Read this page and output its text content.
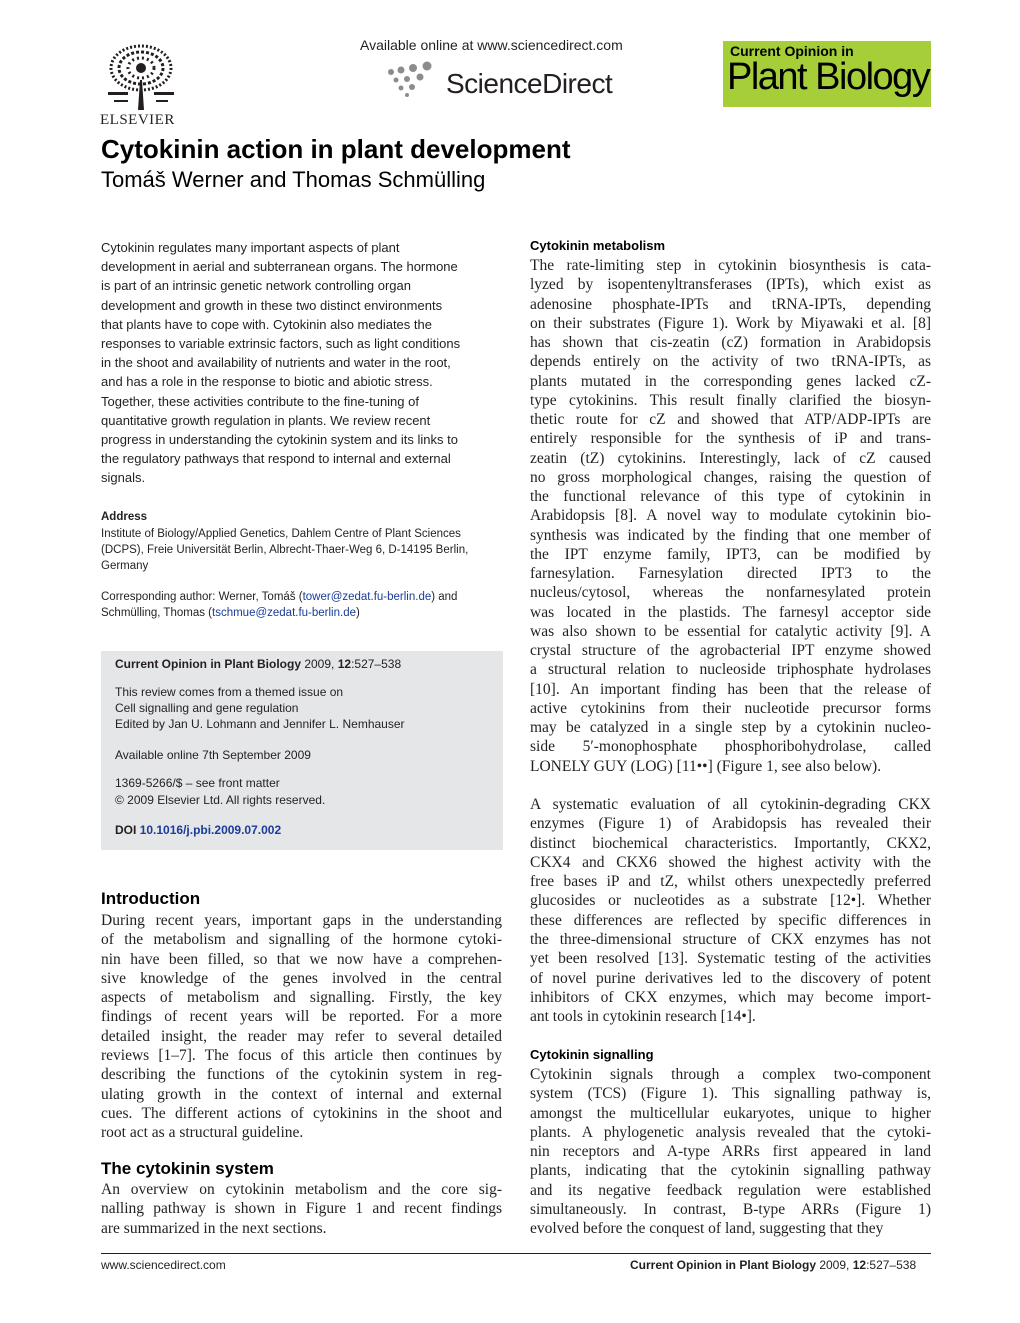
ELSEVIER
Available online at www.sciencedirect.com
ScienceDirect
Current Opinion in
Plant Biology
Cytokinin action in plant development
Tomáš Werner and Thomas Schmülling
Cytokinin regulates many important aspects of plant
development in aerial and subterranean organs. The hormone
is part of an intrinsic genetic network controlling organ
development and growth in these two distinct environments
that plants have to cope with. Cytokinin also mediates the
responses to variable extrinsic factors, such as light conditions
in the shoot and availability of nutrients and water in the root,
and has a role in the response to biotic and abiotic stress.
Together, these activities contribute to the fine-tuning of
quantitative growth regulation in plants. We review recent
progress in understanding the cytokinin system and its links to
the regulatory pathways that respond to internal and external
signals.
Address
Institute of Biology/Applied Genetics, Dahlem Centre of Plant Sciences
(DCPS), Freie Universität Berlin, Albrecht-Thaer-Weg 6, D-14195 Berlin,
Germany
Corresponding author: Werner, Tomáš (tower@zedat.fu-berlin.de) and
Schmülling, Thomas (tschmue@zedat.fu-berlin.de)
Current Opinion in Plant Biology 2009, 12:527–538
This review comes from a themed issue on
Cell signalling and gene regulation
Edited by Jan U. Lohmann and Jennifer L. Nemhauser
Available online 7th September 2009
1369-5266/$ – see front matter
© 2009 Elsevier Ltd. All rights reserved.
DOI 10.1016/j.pbi.2009.07.002
Introduction
During recent years, important gaps in the understanding
of the metabolism and signalling of the hormone cytoki-
nin have been filled, so that we now have a comprehen-
sive knowledge of the genes involved in the central
aspects of metabolism and signalling. Firstly, the key
findings of recent years will be reported. For a more
detailed insight, the reader may refer to several detailed
reviews [1–7]. The focus of this article then continues by
describing the functions of the cytokinin system in reg-
ulating growth in the context of internal and external
cues. The different actions of cytokinins in the shoot and
root act as a structural guideline.
The cytokinin system
An overview on cytokinin metabolism and the core sig-
nalling pathway is shown in Figure 1 and recent findings
are summarized in the next sections.
Cytokinin metabolism
The rate-limiting step in cytokinin biosynthesis is cata-
lyzed by isopentenyltransferases (IPTs), which exist as
adenosine phosphate-IPTs and tRNA-IPTs, depending
on their substrates (Figure 1). Work by Miyawaki et al. [8]
has shown that cis-zeatin (cZ) formation in Arabidopsis
depends entirely on the activity of two tRNA-IPTs, as
plants mutated in the corresponding genes lacked cZ-
type cytokinins. This result finally clarified the biosyn-
thetic route for cZ and showed that ATP/ADP-IPTs are
entirely responsible for the synthesis of iP and trans-
zeatin (tZ) cytokinins. Interestingly, lack of cZ caused
no gross morphological changes, raising the question of
the functional relevance of this type of cytokinin in
Arabidopsis [8]. A novel way to modulate cytokinin bio-
synthesis was indicated by the finding that one member of
the IPT enzyme family, IPT3, can be modified by
farnesylation. Farnesylation directed IPT3 to the
nucleus/cytosol, whereas the nonfarnesylated protein
was located in the plastids. The farnesyl acceptor side
was also shown to be essential for catalytic activity [9]. A
crystal structure of the agrobacterial IPT enzyme showed
a structural relation to nucleoside triphosphate hydrolases
[10]. An important finding has been that the release of
active cytokinins from their nucleotide precursor forms
may be catalyzed in a single step by a cytokinin nucleo-
side 5′-monophosphate phosphoribohydrolase, called
LONELY GUY (LOG) [11••] (Figure 1, see also below).
A systematic evaluation of all cytokinin-degrading CKX
enzymes (Figure 1) of Arabidopsis has revealed their
distinct biochemical characteristics. Importantly, CKX2,
CKX4 and CKX6 showed the highest activity with the
free bases iP and tZ, whilst others unexpectedly preferred
glucosides or nucleotides as a substrate [12•]. Whether
these differences are reflected by specific differences in
the three-dimensional structure of CKX enzymes has not
yet been resolved [13]. Systematic testing of the activities
of novel purine derivatives led to the discovery of potent
inhibitors of CKX enzymes, which may become import-
ant tools in cytokinin research [14•].
Cytokinin signalling
Cytokinin signals through a complex two-component
system (TCS) (Figure 1). This signalling pathway is,
amongst the multicellular eukaryotes, unique to higher
plants. A phylogenetic analysis revealed that the cytoki-
nin receptors and A-type ARRs first appeared in land
plants, indicating that the cytokinin signalling pathway
and its negative feedback regulation were established
simultaneously. In contrast, B-type ARRs (Figure 1)
evolved before the conquest of land, suggesting that they
www.sciencedirect.com	Current Opinion in Plant Biology 2009, 12:527–538
